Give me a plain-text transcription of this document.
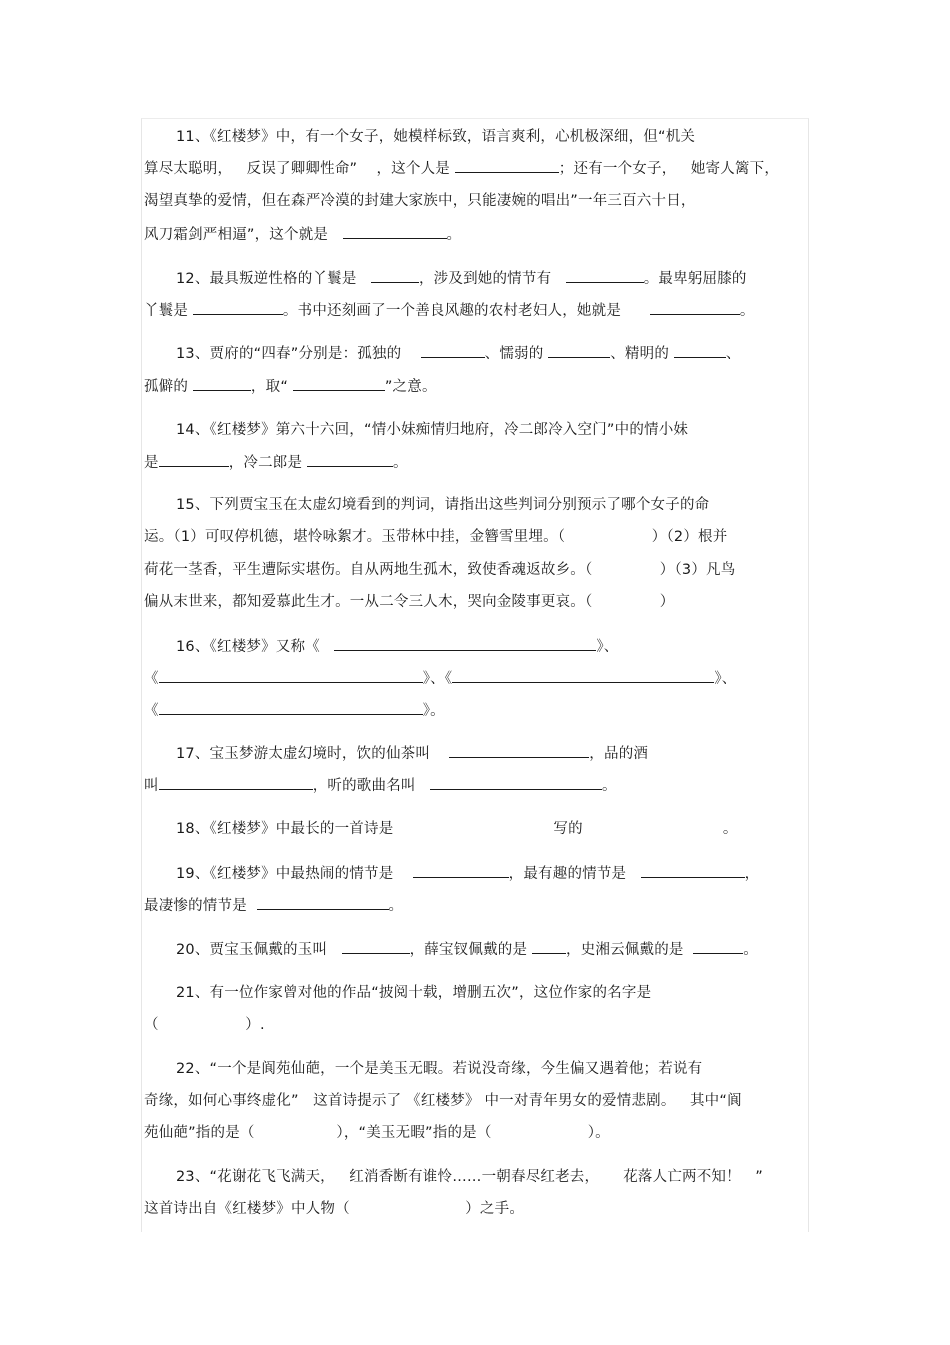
11、《红楼梦》中，有一个女子，她模样标致，语言爽利，心机极深细，但“机关
算尽太聪明，   反误了卿卿性命”    ，这个人是	；还有一个女子，   她寄人篱下，
渴望真挚的爱情，但在森严冷漠的封建大家族中，只能凄婉的唱出”一年三百六十日，
风刀霜剑严相逼”，这个就是	。
12、最具叛逆性格的丫鬟是	，涉及到她的情节有	。最卑躬屈膝的
丫鬟是	。书中还刻画了一个善良风趣的农村老妇人，她就是	。
13、贾府的“四春”分别是：孤独的	、懦弱的	、精明的	、
孤僻的	，取“	”之意。
14、《红楼梦》第六十六回，“情小妹痴情归地府，冷二郎冷入空门”中的情小妹
是	，冷二郎是	。
15、下列贾宝玉在太虚幻境看到的判词，请指出这些判词分别预示了哪个女子的命
运。（1）可叹停机德，堪怜咏絮才。玉带林中挂，金簪雪里埋。（                  ）（2）根并
荷花一茎香，平生遭际实堪伤。自从两地生孤木，致使香魂返故乡。（              ）（3）凡鸟
偏从末世来，都知爱慕此生才。一从二令三人木，哭向金陵事更哀。（              ）
16、《红楼梦》又称《	》、
《	》、《	》、
《	》。
17、宝玉梦游太虚幻境时，饮的仙茶叫	，品的酒
叫	，听的歌曲名叫	。
18、《红楼梦》中最长的一首诗是	写的	。
19、《红楼梦》中最热闹的情节是	，最有趣的情节是	，
最凄惨的情节是	。
20、贾宝玉佩戴的玉叫	，薛宝钗佩戴的是 ，史湘云佩戴的是	。
21、有一位作家曾对他的作品“披阅十载，增删五次”，这位作家的名字是
（                  ）.
22、“一个是阆苑仙葩，一个是美玉无暇。若说没奇缘，今生偏又遇着他；若说有
奇缘，如何心事终虚化”   这首诗提示了 《红楼梦》 中一对青年男女的爱情悲剧。   其中“阆
苑仙葩”指的是（                 ），“美玉无暇”指的是（                    ）。
23、“花谢花飞飞满天，   红消香断有谁怜……一朝春尽红老去，     花落人亡两不知！   ”
这首诗出自《红楼梦》中人物（                        ）之手。
